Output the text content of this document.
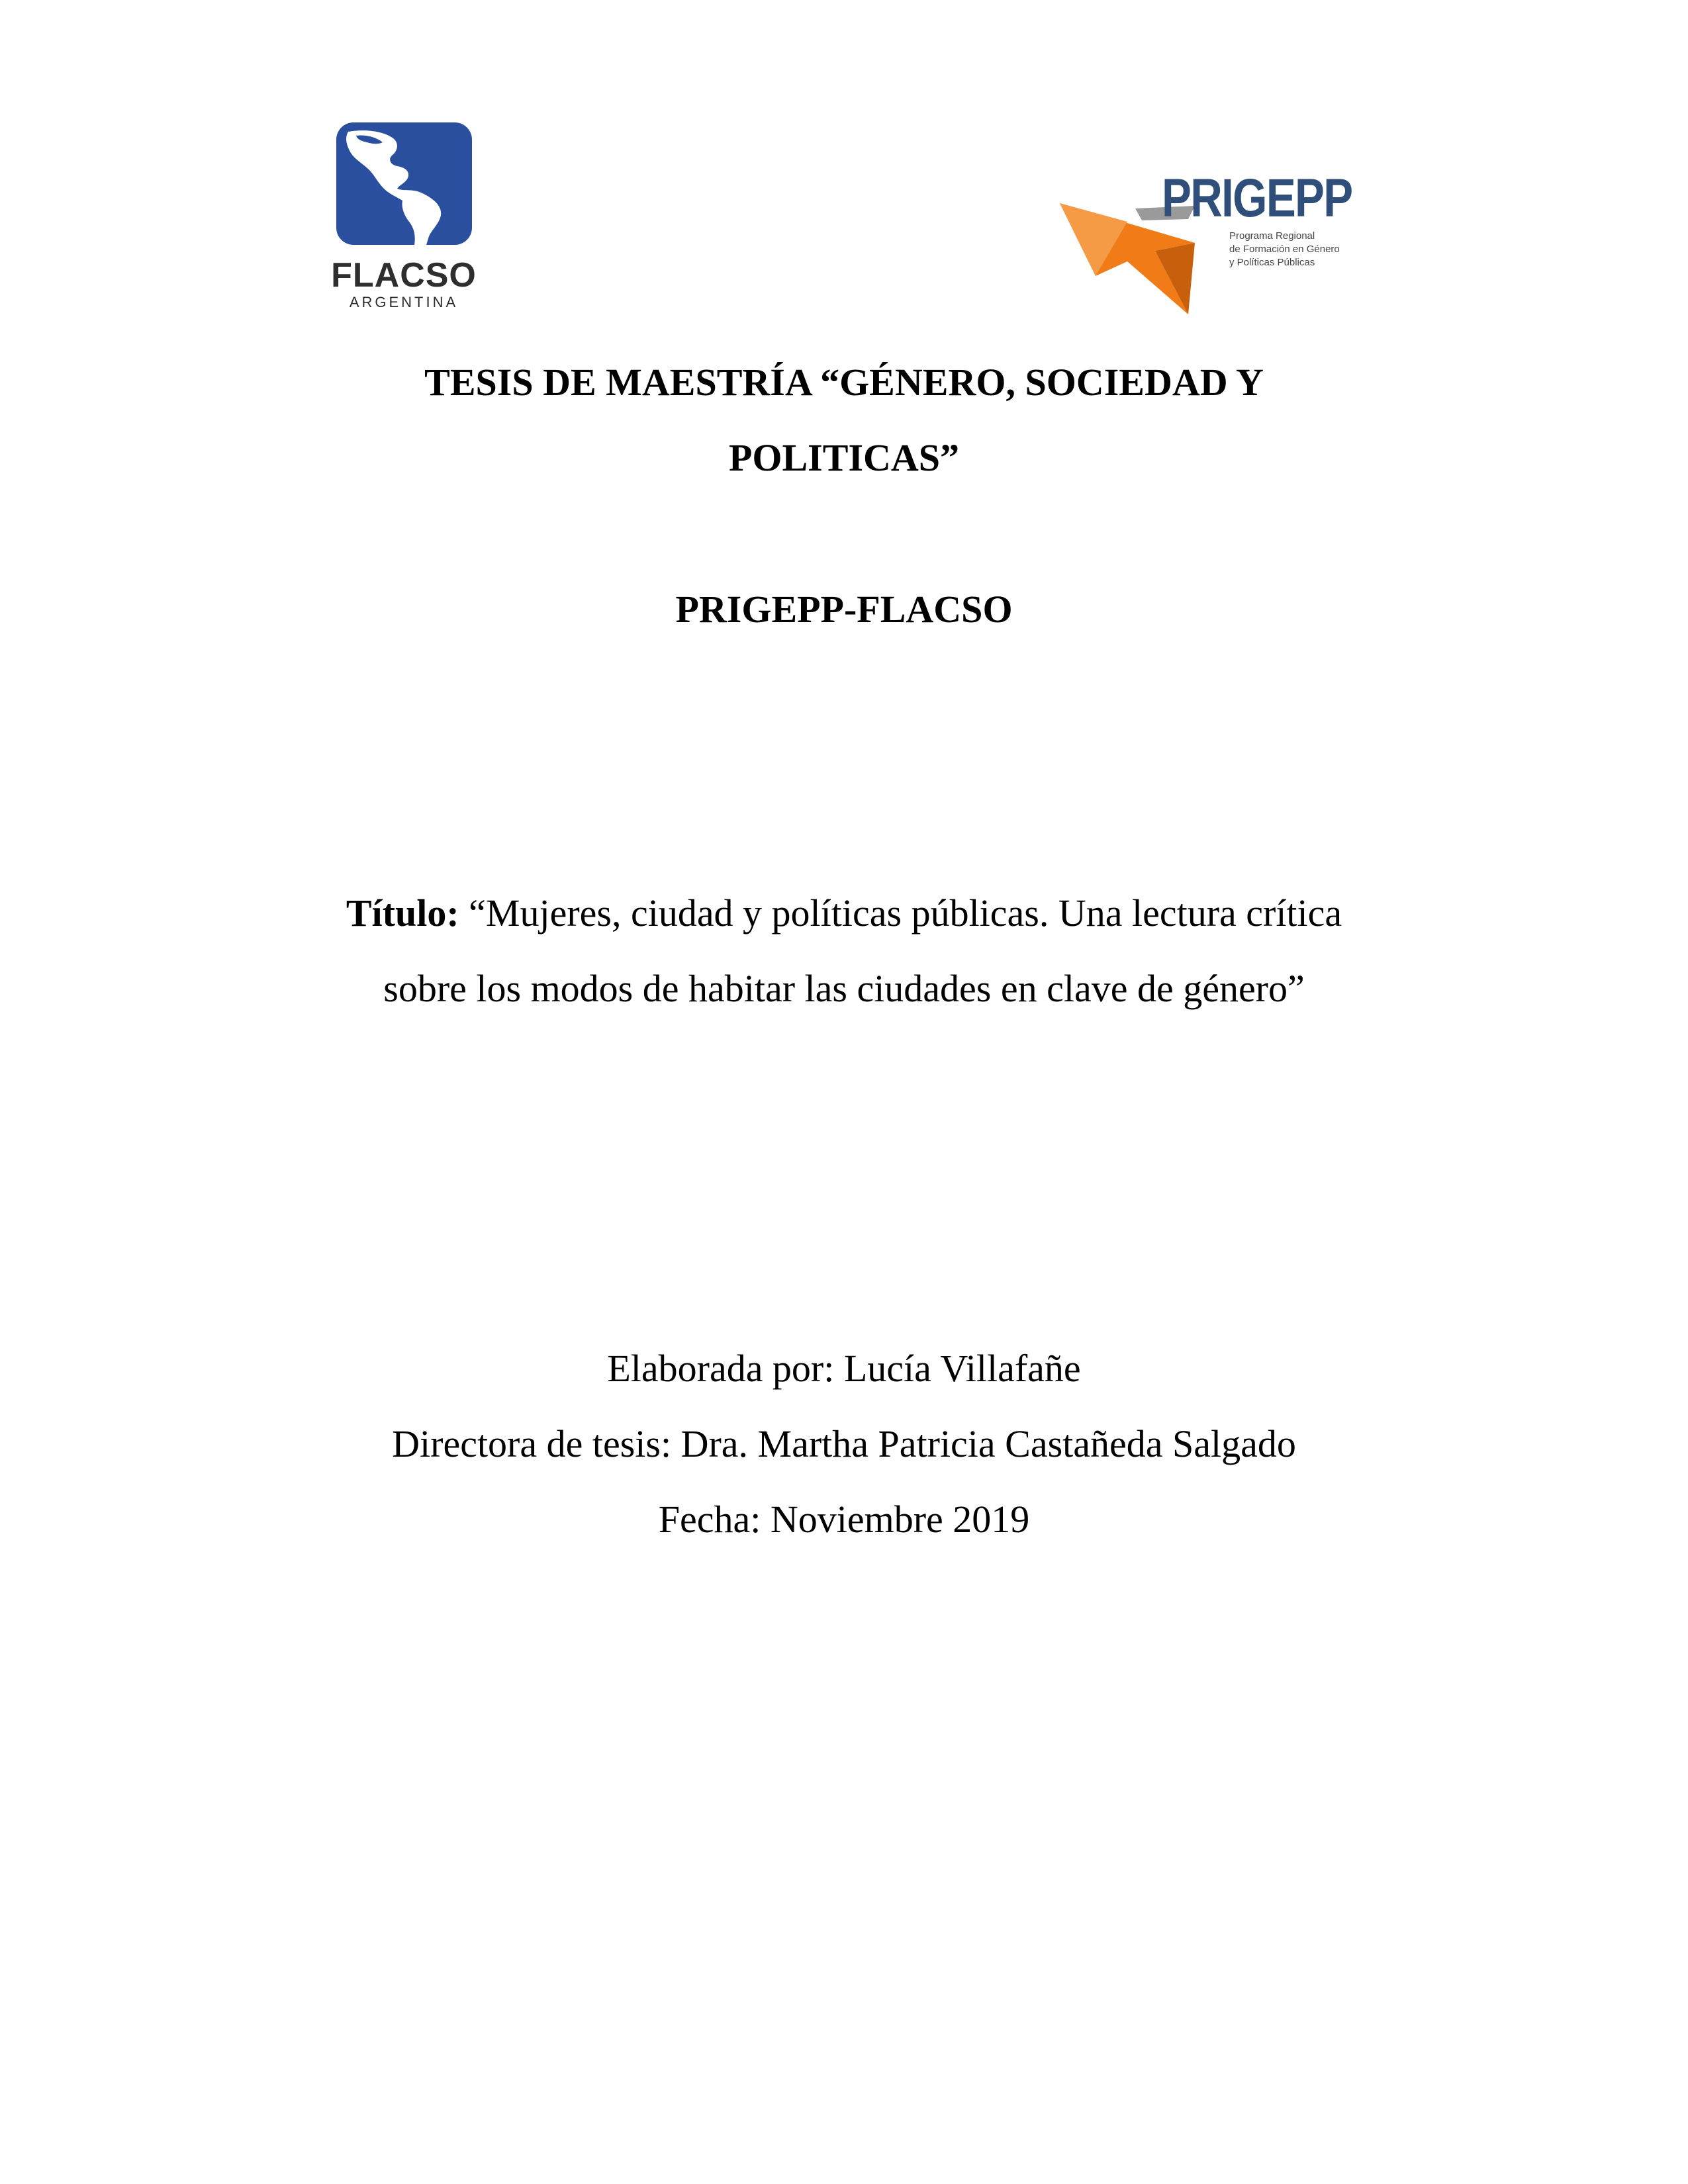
FLACSO
ARGENTINA
PRIGEPP
Programa Regional
de Formación en Género
y Políticas Públicas
TESIS DE MAESTRÍA “GÉNERO, SOCIEDAD Y
POLITICAS”
PRIGEPP-FLACSO
Título: “Mujeres, ciudad y políticas públicas. Una lectura crítica
sobre los modos de habitar las ciudades en clave de género”
Elaborada por: Lucía Villafañe
Directora de tesis: Dra. Martha Patricia Castañeda Salgado
Fecha: Noviembre 2019
